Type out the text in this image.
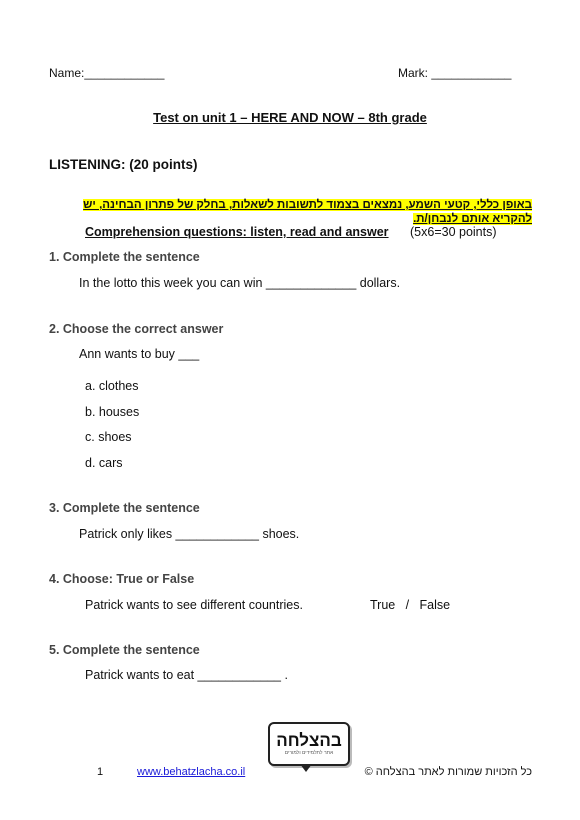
Name:____________	Mark: ____________
Test on unit 1 – HERE AND NOW – 8th grade
LISTENING: (20 points)
באופן כללי, קטעי השמע, נמצאים בצמוד לתשובות לשאלות, בחלק של פתרון הבחינה, יש להקריא אותם לנבחן/ת.
Comprehension questions: listen, read and answer (5x6=30 points)
1. Complete the sentence
In the lotto this week you can win _____________ dollars.
2. Choose the correct answer
Ann wants to buy ___
a. clothes
b. houses
c. shoes
d. cars
3. Complete the sentence
Patrick only likes ____________ shoes.
4. Choose: True or False
Patrick wants to see different countries.	True   /   False
5. Complete the sentence
Patrick wants to eat ____________ .
בהצלחה
אתר לתלמידים ולמורים
1	www.behatzlacha.co.il	כל הזכויות שמורות לאתר בהצלחה ©
